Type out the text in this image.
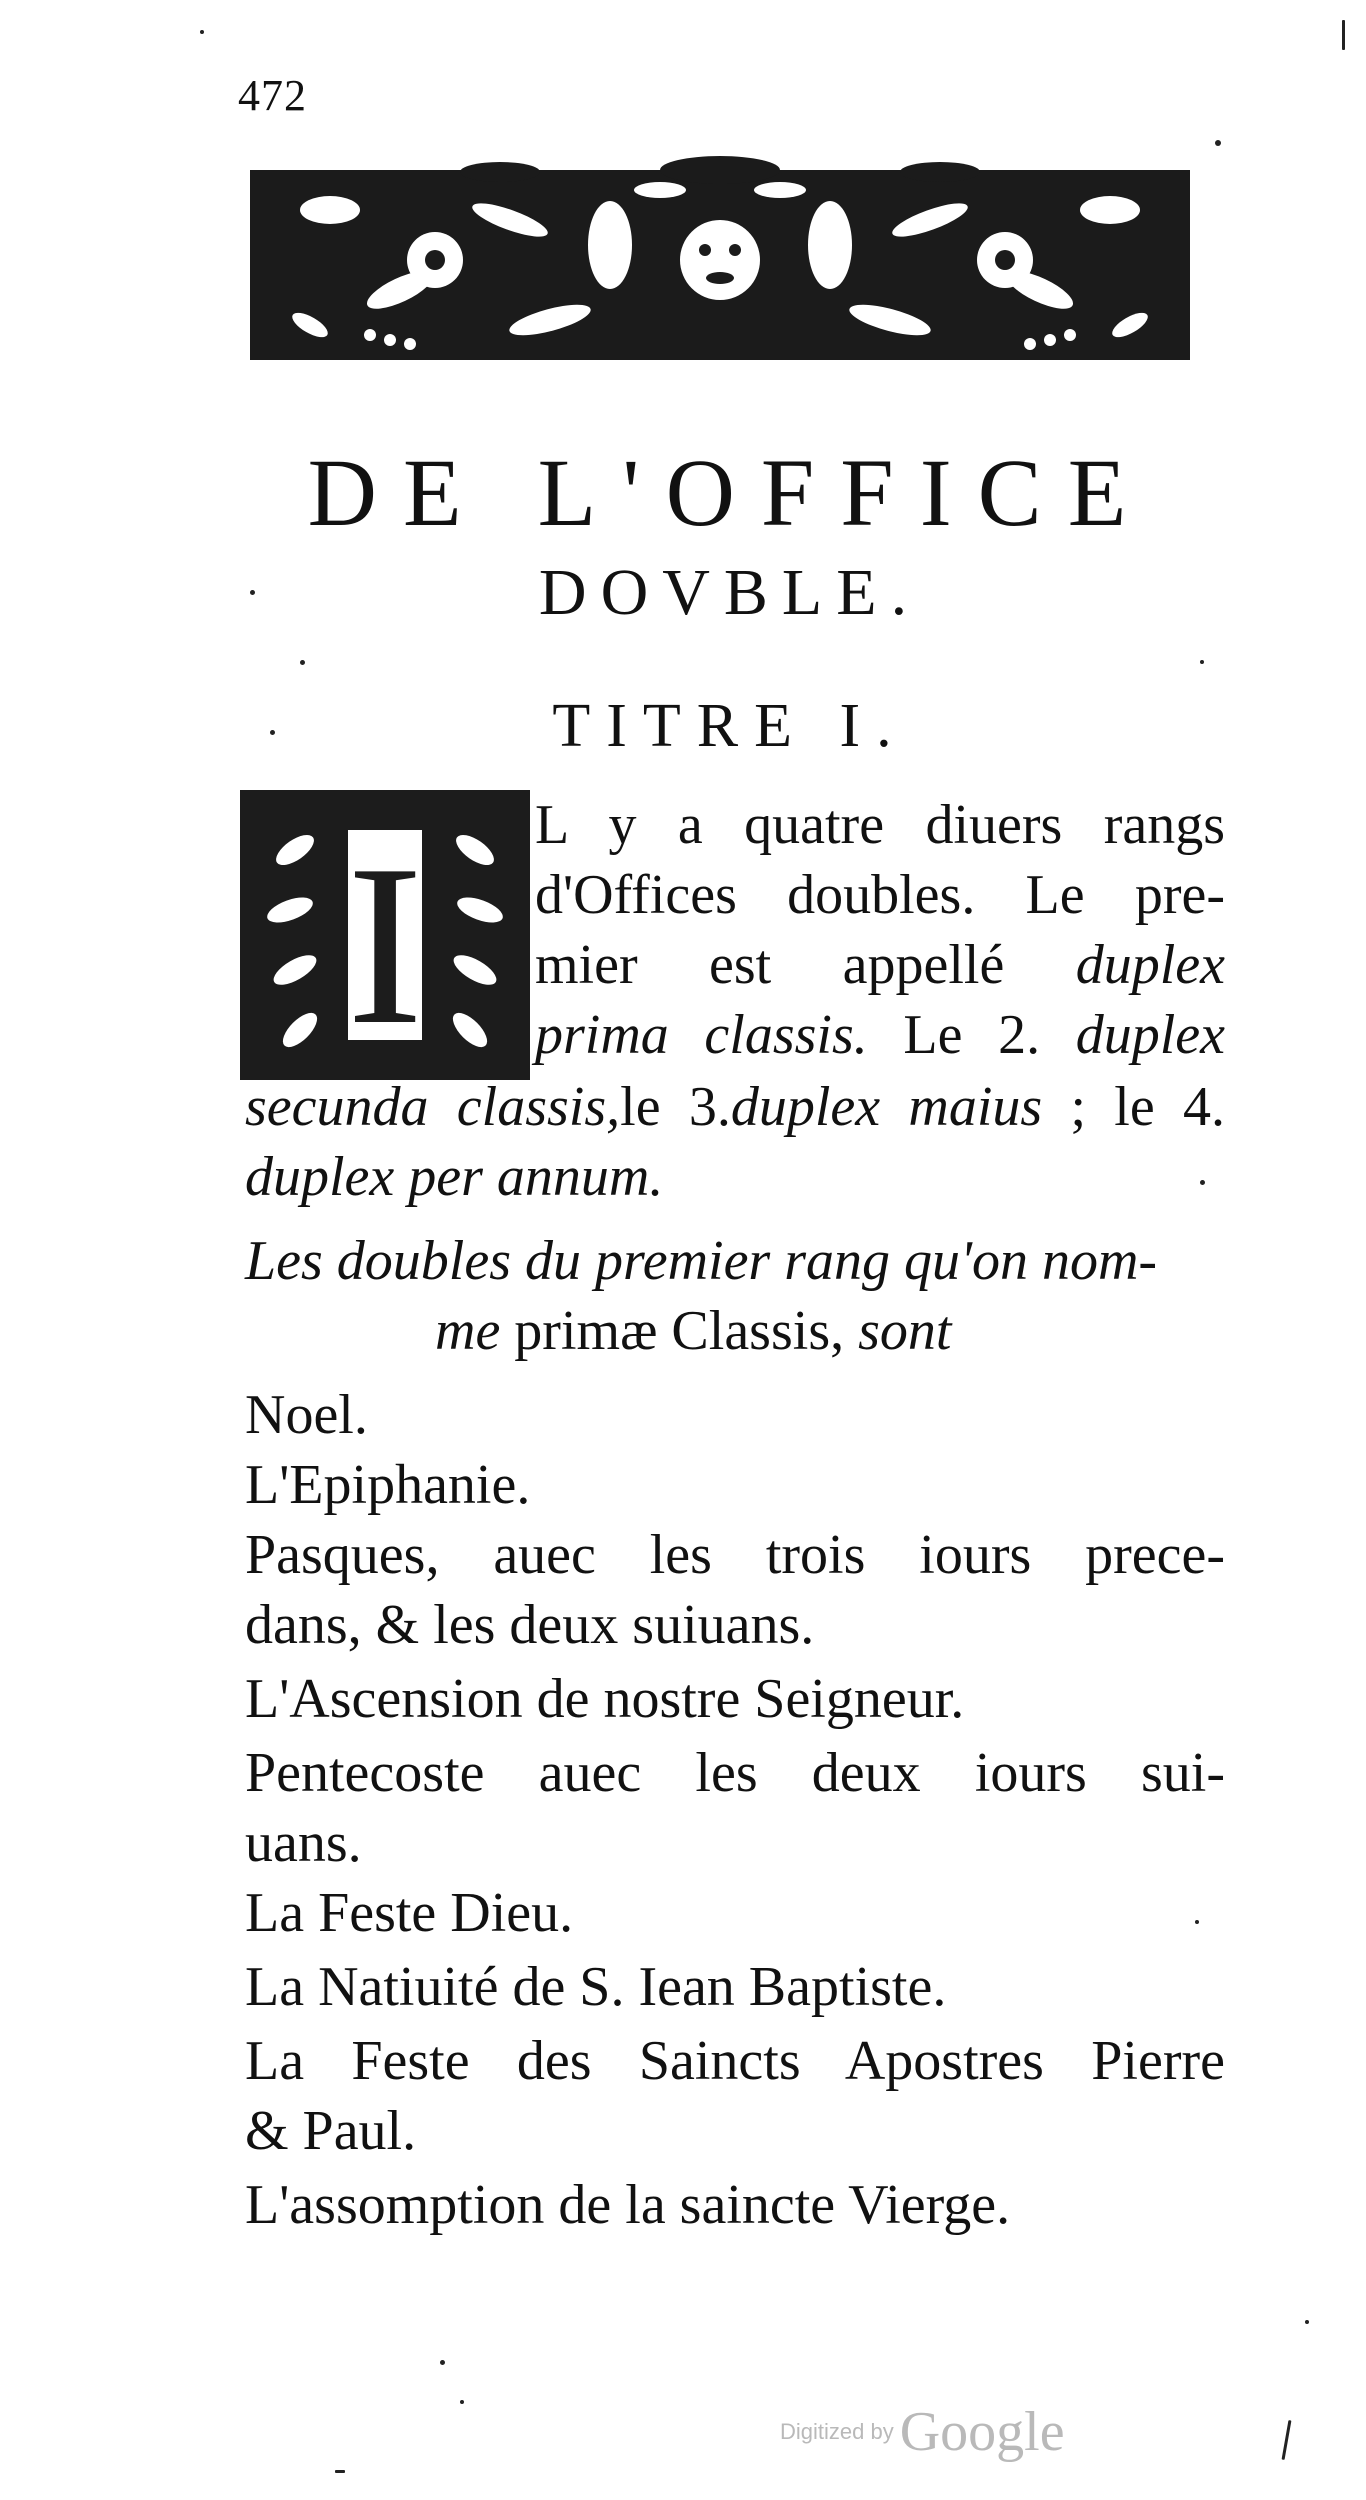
472
DE L'OFFICE
DOVBLE.
TITRE I.
I L y a quatre diuers rangs
d'Offices doubles. Le pre-
mier est appellé duplex
prima classis. Le 2. duplex
secunda classis,le 3.duplex maius ; le 4.
duplex per annum.
Les doubles du premier rang qu'on nom-
me primæ Classis, sont
Noel.
L'Epiphanie.
Pasques, auec les trois iours prece-
dans, & les deux suiuans.
L'Ascension de nostre Seigneur.
Pentecoste auec les deux iours sui-
uans.
La Feste Dieu.
La Natiuité de S. Iean Baptiste.
La Feste des Saincts Apostres Pierre
& Paul.
L'assomption de la saincte Vierge.
Digitized by Google
